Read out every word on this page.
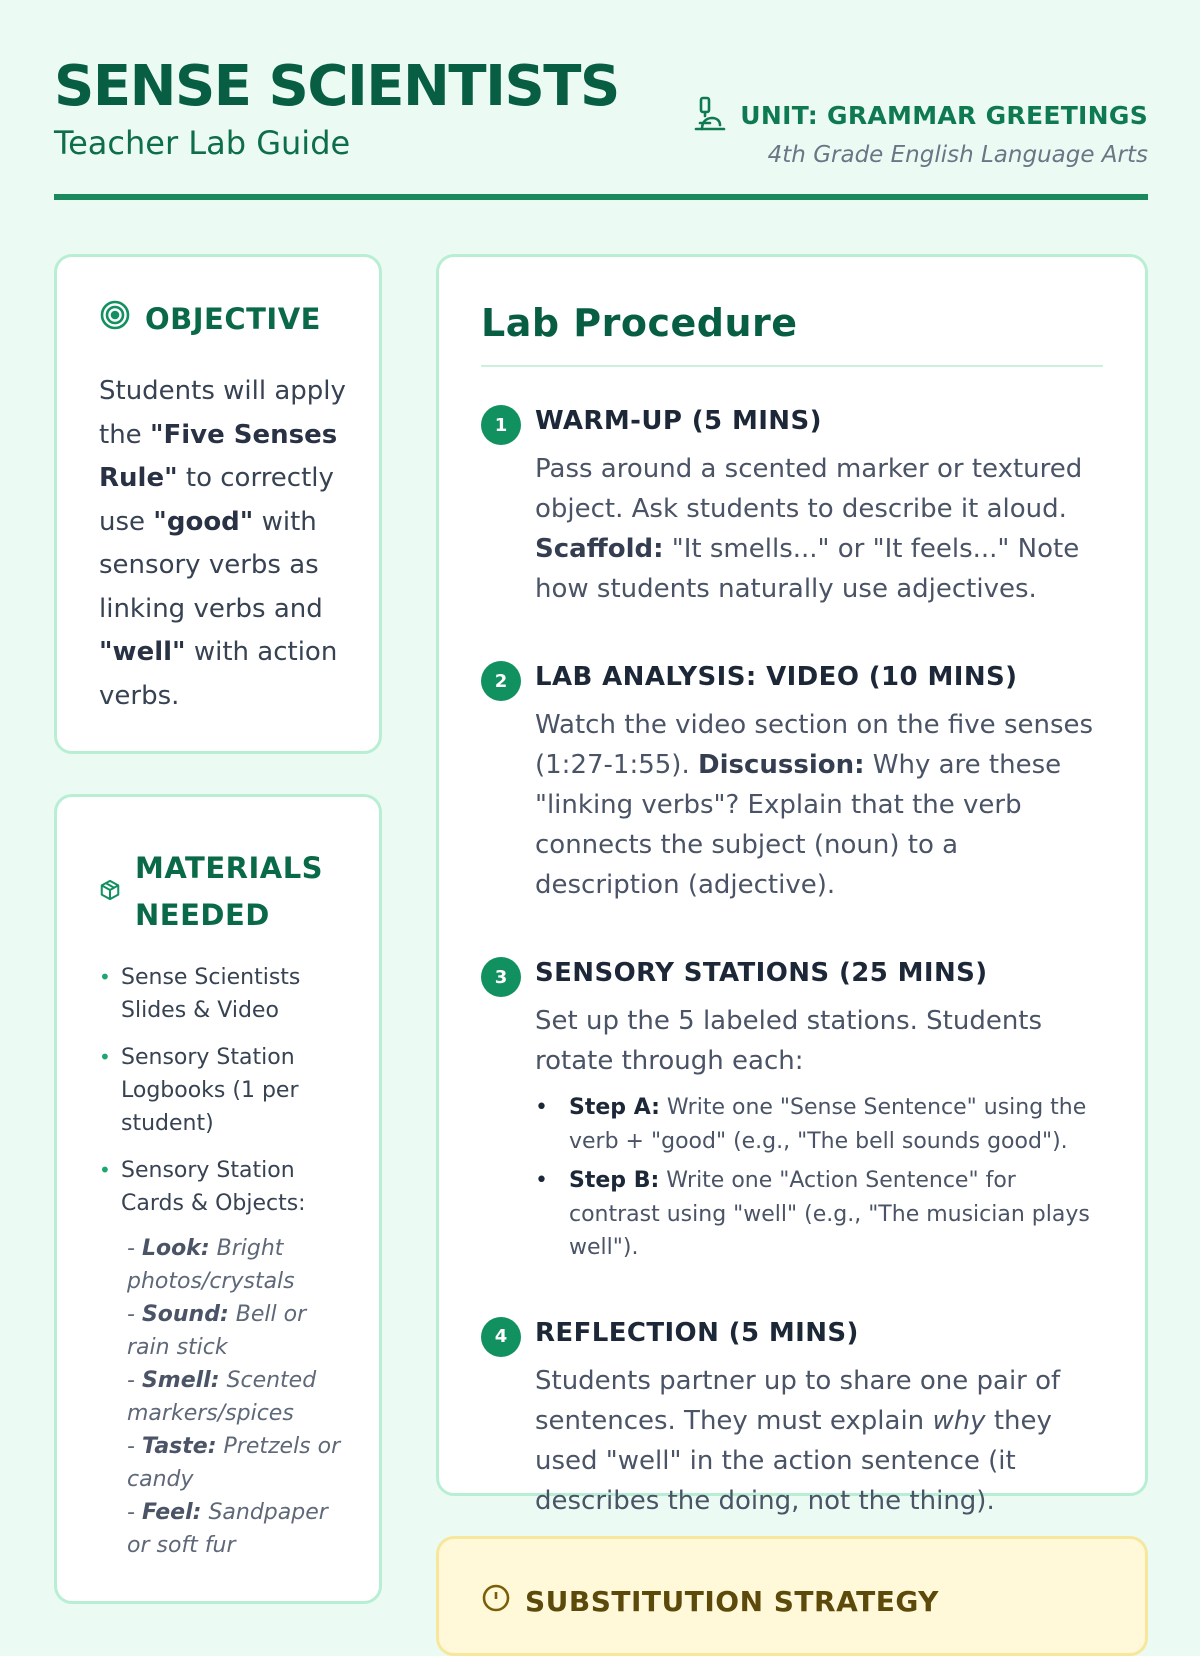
SENSE SCIENTISTS
Teacher Lab Guide
UNIT: GRAMMAR GREETINGS
4th Grade English Language Arts
OBJECTIVE
Students will apply the "Five Senses Rule" to correctly use "good" with sensory verbs as linking verbs and "well" with action verbs.
MATERIALS
NEEDED
• Sense Scientists Slides & Video
• Sensory Station Logbooks (1 per student)
• Sensory Station Cards & Objects:
- Look: Bright photos/crystals
- Sound: Bell or rain stick
- Smell: Scented markers/spices
- Taste: Pretzels or candy
- Feel: Sandpaper or soft fur
Lab Procedure
1	WARM-UP (5 MINS)
Pass around a scented marker or textured object. Ask students to describe it aloud. Scaffold: "It smells..." or "It feels..." Note how students naturally use adjectives.
2	LAB ANALYSIS: VIDEO (10 MINS)
Watch the video section on the five senses (1:27-1:55). Discussion: Why are these "linking verbs"? Explain that the verb connects the subject (noun) to a description (adjective).
3	SENSORY STATIONS (25 MINS)
Set up the 5 labeled stations. Students rotate through each:
• Step A: Write one "Sense Sentence" using the verb + "good" (e.g., "The bell sounds good").
• Step B: Write one "Action Sentence" for contrast using "well" (e.g., "The musician plays well").
4	REFLECTION (5 MINS)
Students partner up to share one pair of sentences. They must explain why they used "well" in the action sentence (it describes the doing, not the thing).
SUBSTITUTION STRATEGY
